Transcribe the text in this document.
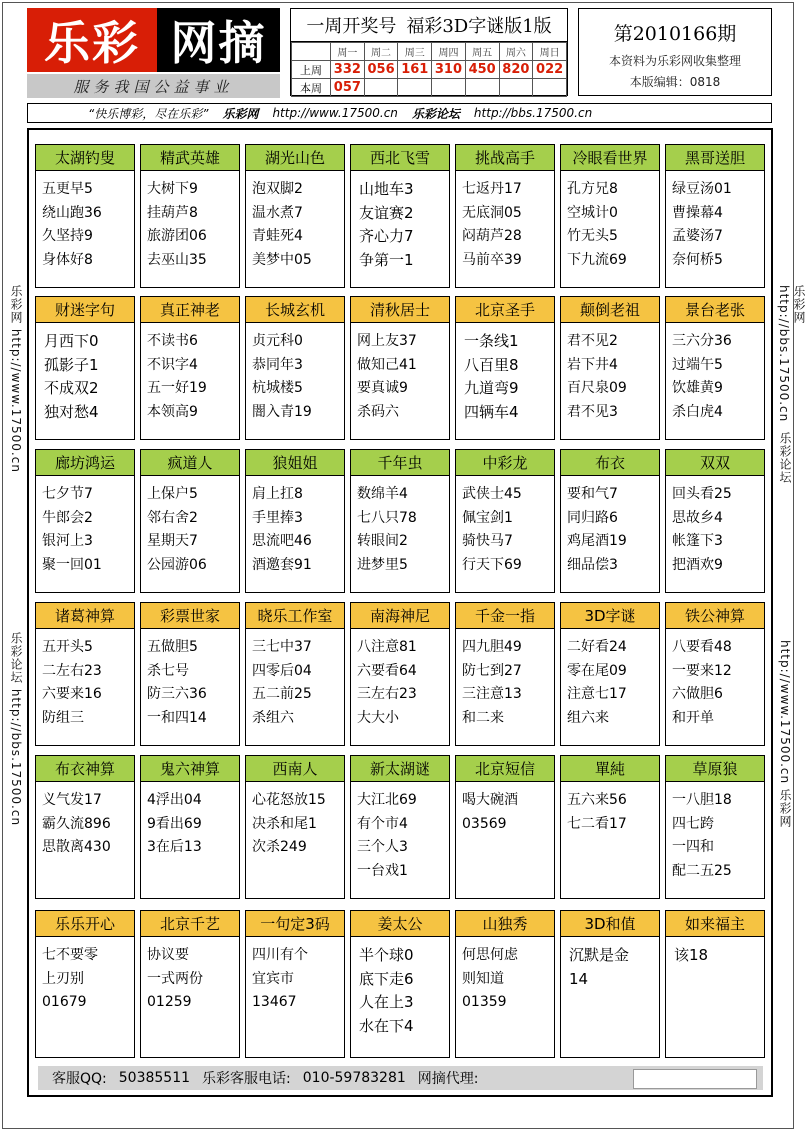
乐彩 网摘
服务我国公益事业
一周开奖号 福彩3D字谜版1版
	周一	周二	周三	周四	周五	周六	周日
上周	332	056	161	310	450	820	022
本周	057						
第2010166期
本资料为乐彩网收集整理
本版编辑：0818
“快乐博彩，尽在乐彩” 乐彩网 http://www.17500.cn 乐彩论坛 http://bbs.17500.cn
乐彩网 http://www.17500.cn
乐彩论坛 http://bbs.17500.cn
乐彩网 http://bbs.17500.cn
乐彩论坛
http://www.17500.cn 乐彩网
太湖钓叟
五更早5
绕山跑36
久坚持9
身体好8
精武英雄
大树下9
挂葫芦8
旅游团06
去巫山35
湖光山色
泡双脚2
温水煮7
青蛙死4
美梦中05
西北飞雪
山地车3
友谊赛2
齐心力7
争第一1
挑战高手
七返丹17
无底洞05
闷葫芦28
马前卒39
冷眼看世界
孔方兄8
空城计0
竹无头5
下九流69
黑哥送胆
绿豆汤01
曹操幕4
孟婆汤7
奈何桥5
财迷字句
月西下0
孤影子1
不成双2
独对愁4
真正神老
不读书6
不识字4
五一好19
本领高9
长城玄机
贞元科0
恭同年3
杭城楼5
闇入青19
清秋居士
网上友37
做知己41
要真诚9
杀码六
北京圣手
一条线1
八百里8
九道弯9
四辆车4
颠倒老祖
君不见2
岩下井4
百尺泉09
君不见3
景台老张
三六分36
过端午5
饮雄黄9
杀白虎4
廊坊鸿运
七夕节7
牛郎会2
银河上3
聚一回01
疯道人
上保户5
邻右舍2
星期天7
公园游06
狼姐姐
肩上扛8
手里捧3
思流吧46
酒邀套91
千年虫
数绵羊4
七八只78
转眼间2
进梦里5
中彩龙
武侠士45
佩宝剑1
骑快马7
行天下69
布衣
要和气7
同归路6
鸡尾酒19
细品偿3
双双
回头看25
思故乡4
帐篷下3
把酒欢9
诸葛神算
五开头5
二左右23
六要来16
防组三
彩票世家
五做胆5
杀七号
防三六36
一和四14
晓乐工作室
三七中37
四零后04
五二前25
杀组六
南海神尼
八注意81
六要看64
三左右23
大大小
千金一指
四九胆49
防七到27
三注意13
和二来
3D字谜
二好看24
零在尾09
注意七17
组六来
铁公神算
八要看48
一要来12
六做胆6
和开单
布衣神算
义气发17
霸久流896
思散离430
鬼六神算
4浮出04
9看出69
3在后13
西南人
心花怒放15
决杀和尾1
次杀249
新太湖谜
大江北69
有个市4
三个人3
一台戏1
北京短信
喝大碗酒
03569
單純
五六来56
七二看17
草原狼
一八胆18
四七跨
一四和
配二五25
乐乐开心
七不要零
上刃别
01679
北京千艺
协议要
一式两份
01259
一句定3码
四川有个
宜宾市
13467
姜太公
半个球0
底下走6
人在上3
水在下4
山独秀
何思何虑
则知道
01359
3D和值
沉默是金
14
如来福主
该18
客服QQ: 50385511 乐彩客服电话: 010-59783281 网摘代理:
